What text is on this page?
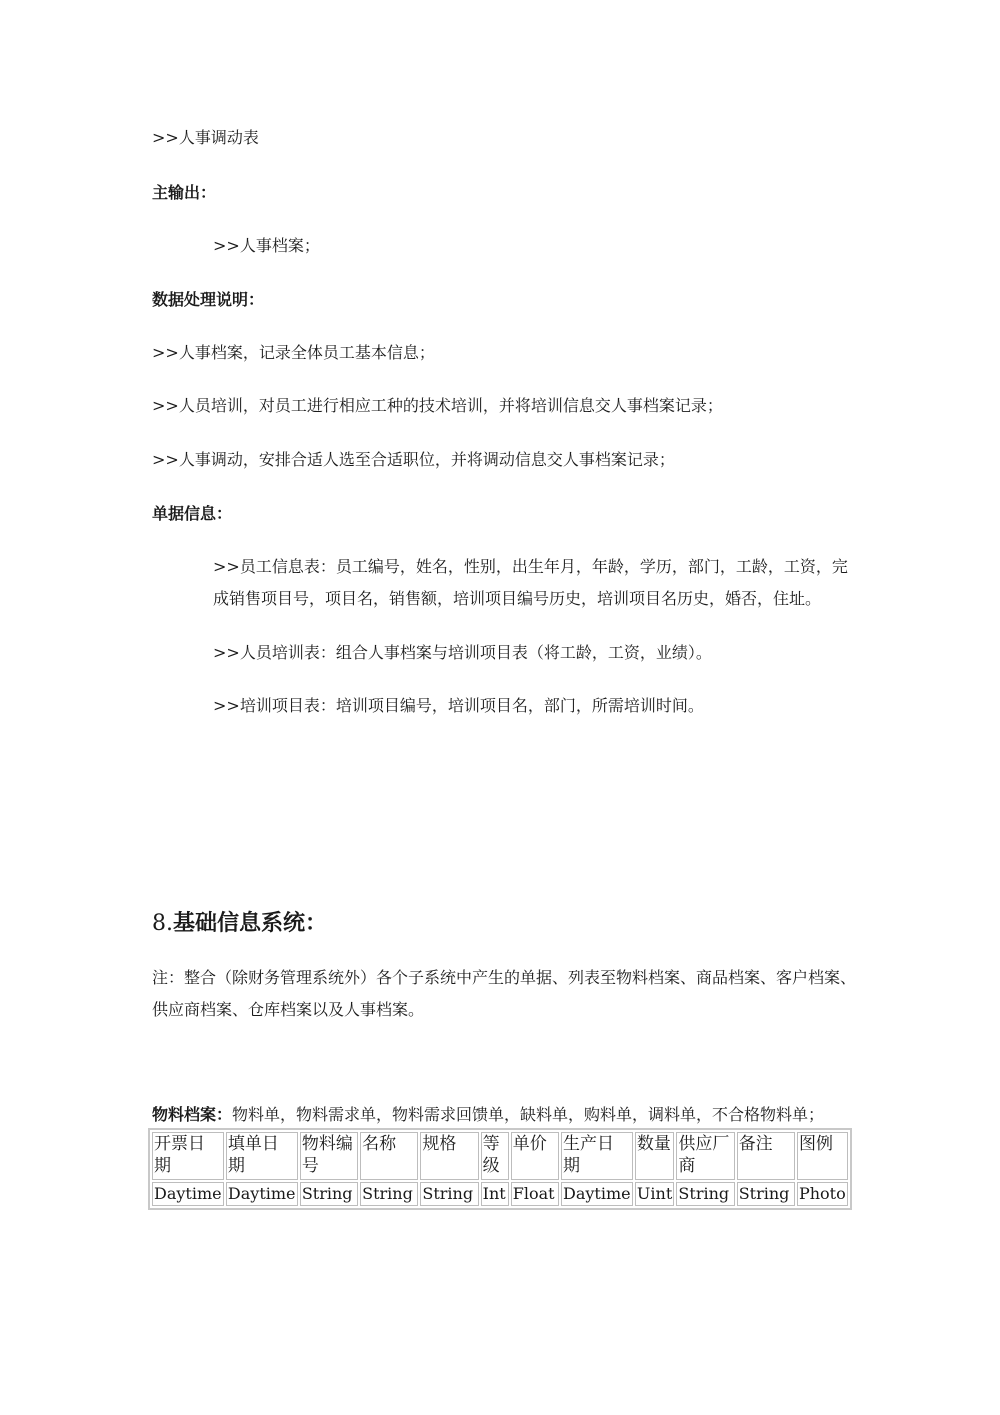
>>人事调动表
主输出：
>>人事档案；
数据处理说明：
>>人事档案，记录全体员工基本信息；
>>人员培训，对员工进行相应工种的技术培训，并将培训信息交人事档案记录；
>>人事调动，安排合适人选至合适职位，并将调动信息交人事档案记录；
单据信息：
>>员工信息表：员工编号，姓名，性别，出生年月，年龄，学历，部门，工龄，工资，完成销售项目号，项目名，销售额，培训项目编号历史，培训项目名历史，婚否，住址。
>>人员培训表：组合人事档案与培训项目表（将工龄，工资，业绩）。
>>培训项目表：培训项目编号，培训项目名，部门，所需培训时间。
8.基础信息系统：
注：整合（除财务管理系统外）各个子系统中产生的单据、列表至物料档案、商品档案、客户档案、供应商档案、仓库档案以及人事档案。
物料档案：物料单，物料需求单，物料需求回馈单，缺料单，购料单，调料单，不合格物料单；
开票日期	填单日期	物料编号	名称	规格	等级	单价	生产日期	数量	供应厂商	备注	图例
Daytime	Daytime	String	String	String	Int	Float	Daytime	Uint	String	String	Photo
